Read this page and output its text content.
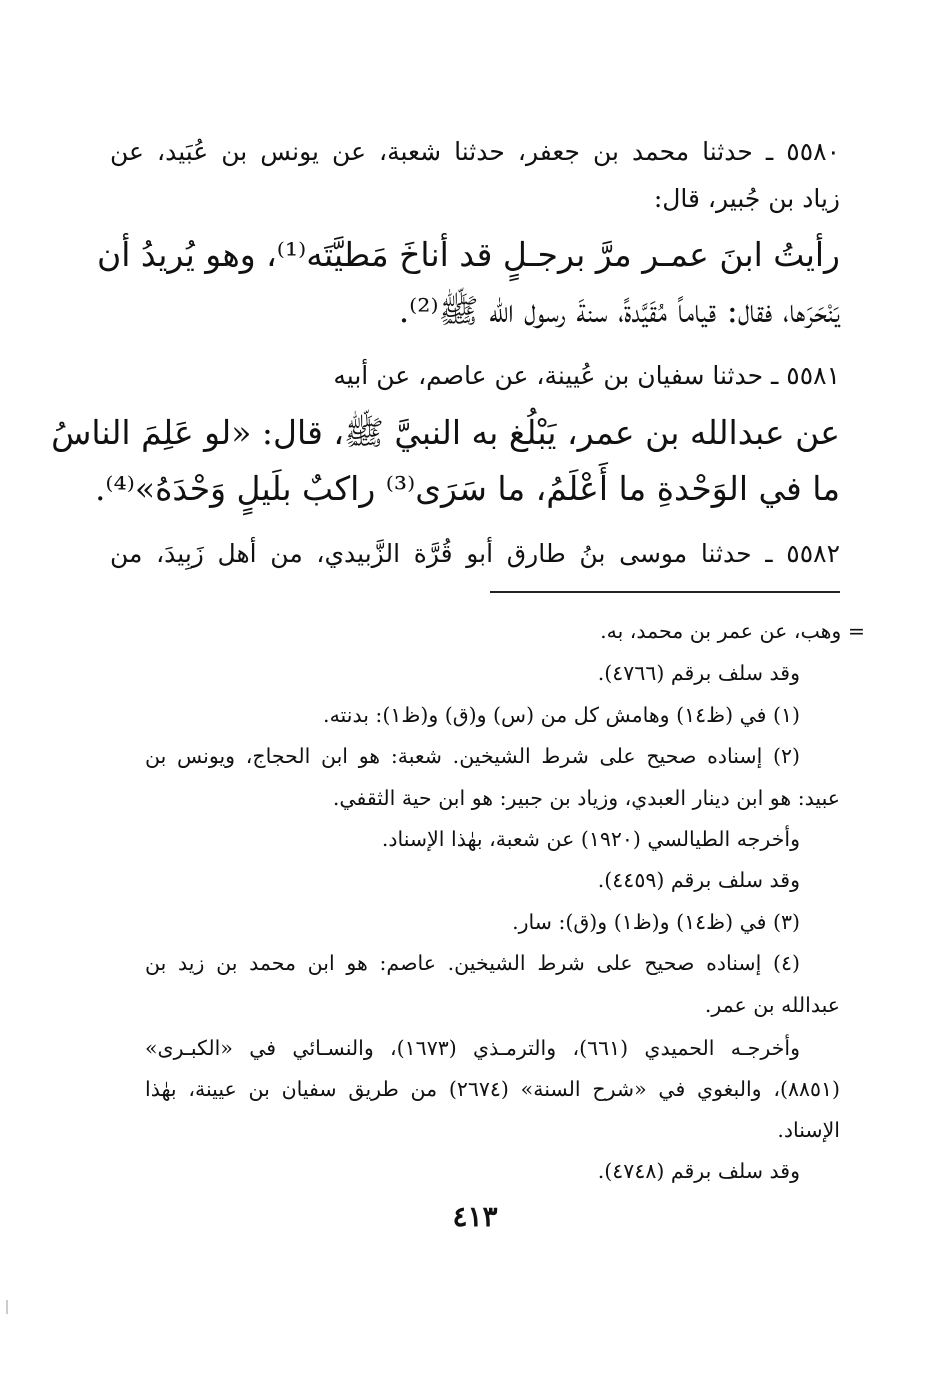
٥٥٨٠ ـ حدثنا محمد بن جعفر، حدثنا شعبة، عن يونس بن عُبَيد، عن
زياد بن جُبير، قال:
رأيتُ ابنَ عمـر مرَّ برجـلٍ قد أناخَ مَطيَّتَه⁽¹⁾، وهو يُريدُ أن
يَنْحَرَها، فقال: قياماً مُقَيَّدةً، سنةَ رسول الله ﷺ⁽²⁾.
٥٥٨١ ـ حدثنا سفيان بن عُيينة، عن عاصم، عن أبيه
عن عبدالله بن عمر، يَبْلُغ به النبيَّ ﷺ، قال: «لو عَلِمَ الناسُ
ما في الوَحْدةِ ما أَعْلَمُ، ما سَرَى⁽³⁾ راكبٌ بلَيلٍ وَحْدَهُ»⁽⁴⁾.
٥٥٨٢ ـ حدثنا موسى بنُ طارق أبو قُرَّة الزَّبيدي، من أهل زَبِيدَ، من
= وهب، عن عمر بن محمد، به.
وقد سلف برقم (٤٧٦٦).
(١) في (ظ١٤) وهامش كل من (س) و(ق) و(ظ١): بدنته.
(٢) إسناده صحيح على شرط الشيخين. شعبة: هو ابن الحجاج، ويونس بن
عبيد: هو ابن دينار العبدي، وزياد بن جبير: هو ابن حية الثقفي.
وأخرجه الطيالسي (١٩٢٠) عن شعبة، بهٰذا الإسناد.
وقد سلف برقم (٤٤٥٩).
(٣) في (ظ١٤) و(ظ١) و(ق): سار.
(٤) إسناده صحيح على شرط الشيخين. عاصم: هو ابن محمد بن زيد بن
عبدالله بن عمر.
وأخرجـه الحميدي (٦٦١)، والترمـذي (١٦٧٣)، والنسـائي في «الكبـرى»
(٨٨٥١)، والبغوي في «شرح السنة» (٢٦٧٤) من طريق سفيان بن عيينة، بهٰذا
الإسناد.
وقد سلف برقم (٤٧٤٨).
٤١٣
